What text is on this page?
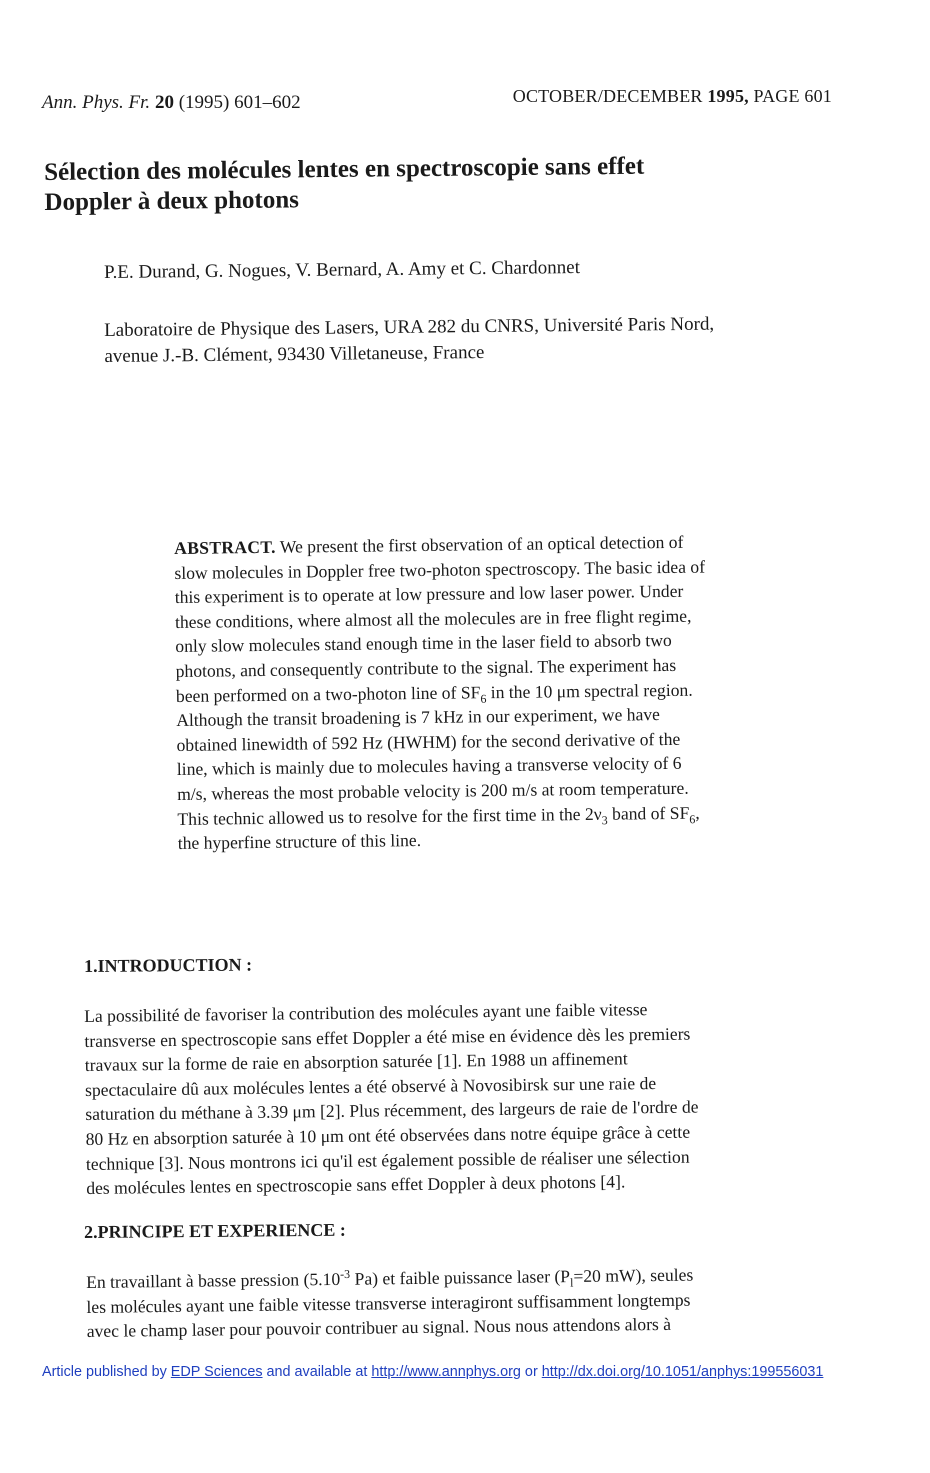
Ann. Phys. Fr. 20 (1995) 601–602	OCTOBER/DECEMBER 1995, PAGE 601
Sélection des molécules lentes en spectroscopie sans effet
Doppler à deux photons
P.E. Durand, G. Nogues, V. Bernard, A. Amy et C. Chardonnet
Laboratoire de Physique des Lasers, URA 282 du CNRS, Université Paris Nord,
avenue J.-B. Clément, 93430 Villetaneuse, France
ABSTRACT. We present the first observation of an optical detection of
slow molecules in Doppler free two-photon spectroscopy. The basic idea of
this experiment is to operate at low pressure and low laser power. Under
these conditions, where almost all the molecules are in free flight regime,
only slow molecules stand enough time in the laser field to absorb two
photons, and consequently contribute to the signal. The experiment has
been performed on a two-photon line of $SF_6$ in the 10 μm spectral region.
Although the transit broadening is 7 kHz in our experiment, we have
obtained linewidth of 592 Hz (HWHM) for the second derivative of the
line, which is mainly due to molecules having a transverse velocity of 6
m/s, whereas the most probable velocity is 200 m/s at room temperature.
This technic allowed us to resolve for the first time in the $2\nu_3$ band of $SF_6$,
the hyperfine structure of this line.
1.INTRODUCTION :
La possibilité de favoriser la contribution des molécules ayant une faible vitesse
transverse en spectroscopie sans effet Doppler a été mise en évidence dès les premiers
travaux sur la forme de raie en absorption saturée [1]. En 1988 un affinement
spectaculaire dû aux molécules lentes a été observé à Novosibirsk sur une raie de
saturation du méthane à 3.39 μm [2]. Plus récemment, des largeurs de raie de l'ordre de
80 Hz en absorption saturée à 10 μm ont été observées dans notre équipe grâce à cette
technique [3]. Nous montrons ici qu'il est également possible de réaliser une sélection
des molécules lentes en spectroscopie sans effet Doppler à deux photons [4].
2.PRINCIPE ET EXPERIENCE :
En travaillant à basse pression ($5.10^{-3}$ Pa) et faible puissance laser ($P_l=20$ mW), seules
les molécules ayant une faible vitesse transverse interagiront suffisamment longtemps
avec le champ laser pour pouvoir contribuer au signal. Nous nous attendons alors à
Article published by EDP Sciences and available at http://www.annphys.org or http://dx.doi.org/10.1051/anphys:199556031
